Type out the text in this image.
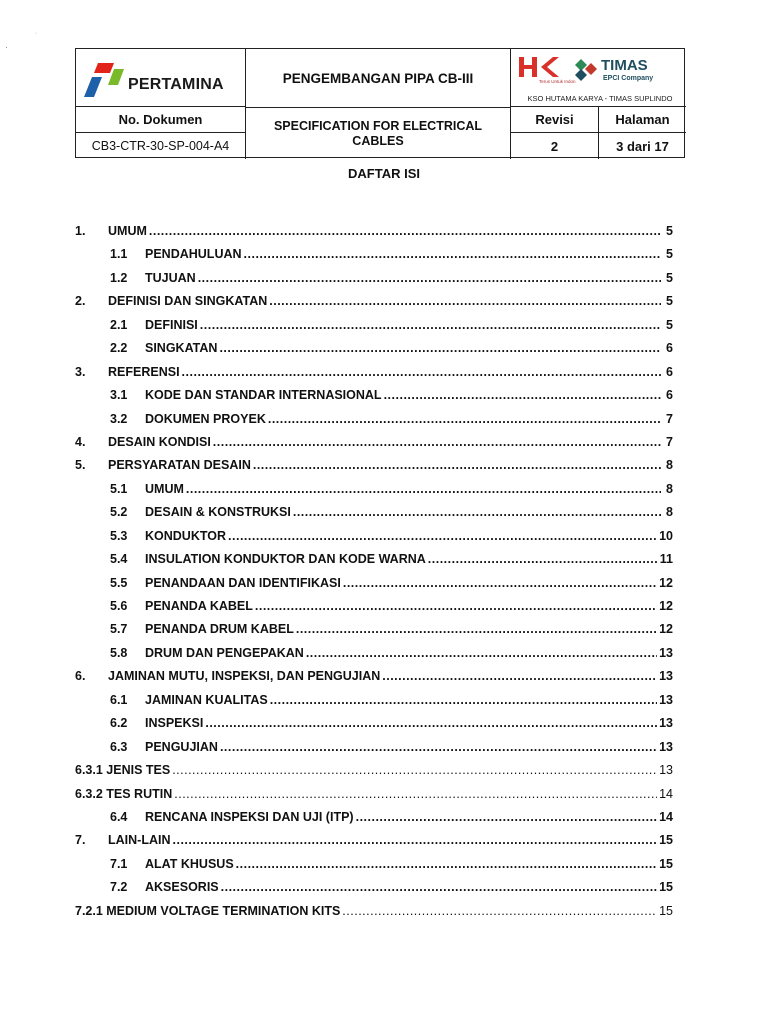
·
·
PERTAMINA	PENGEMBANGAN PIPA CB-III
TIMAS
EPCI Company
Terus Untuk Indon
KSO HUTAMA KARYA - TIMAS SUPLINDO
No. Dokumen
CB3-CTR-30-SP-004-A4
SPECIFICATION FOR ELECTRICAL CABLES
Revisi	Halaman
2	3 dari 17
DAFTAR ISI
1. UMUM .....	5
1.1 PENDAHULUAN .....	5
1.2 TUJUAN .....	5
2. DEFINISI DAN SINGKATAN .....	5
2.1 DEFINISI .....	5
2.2 SINGKATAN .....	6
3. REFERENSI .....	6
3.1 KODE DAN STANDAR INTERNASIONAL .....	6
3.2 DOKUMEN PROYEK .....	7
4. DESAIN KONDISI .....	7
5. PERSYARATAN DESAIN .....	8
5.1 UMUM .....	8
5.2 DESAIN & KONSTRUKSI .....	8
5.3 KONDUKTOR .....	10
5.4 INSULATION KONDUKTOR DAN KODE WARNA .....	11
5.5 PENANDAAN DAN IDENTIFIKASI .....	12
5.6 PENANDA KABEL .....	12
5.7 PENANDA DRUM KABEL .....	12
5.8 DRUM DAN PENGEPAKAN .....	13
6. JAMINAN MUTU, INSPEKSI, DAN PENGUJIAN .....	13
6.1 JAMINAN KUALITAS .....	13
6.2 INSPEKSI .....	13
6.3 PENGUJIAN .....	13
6.3.1 JENIS TES .....	13
6.3.2 TES RUTIN .....	14
6.4 RENCANA INSPEKSI DAN UJI (ITP) .....	14
7. LAIN-LAIN .....	15
7.1 ALAT KHUSUS .....	15
7.2 AKSESORIS .....	15
7.2.1 MEDIUM VOLTAGE TERMINATION KITS .....	15
